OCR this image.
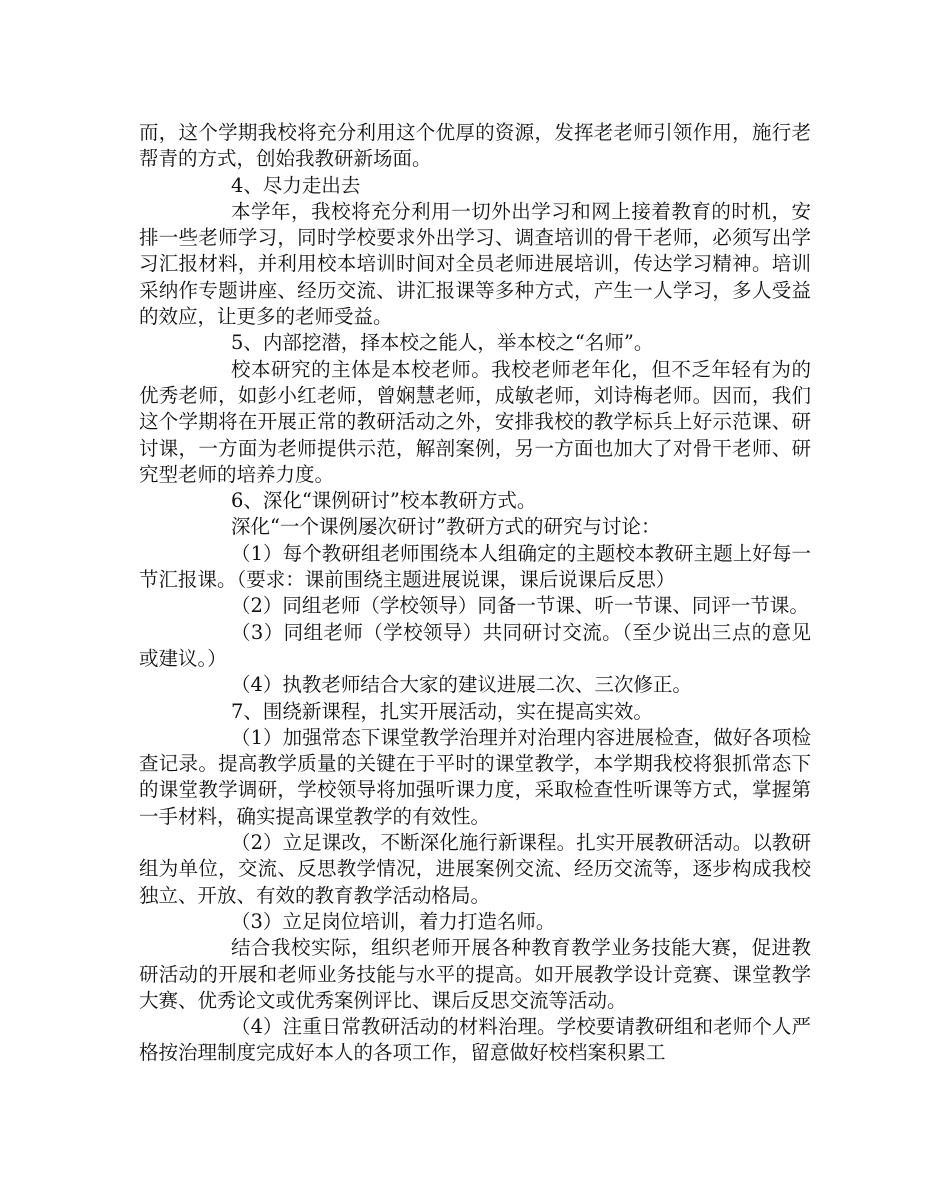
而，这个学期我校将充分利用这个优厚的资源，发挥老老师引领作用，施行老帮青的方式，创始我教研新场面。

4、尽力走出去

本学年，我校将充分利用一切外出学习和网上接着教育的时机，安排一些老师学习，同时学校要求外出学习、调查培训的骨干老师，必须写出学习汇报材料，并利用校本培训时间对全员老师进展培训，传达学习精神。培训采纳作专题讲座、经历交流、讲汇报课等多种方式，产生一人学习，多人受益的效应，让更多的老师受益。

5、内部挖潜，择本校之能人，举本校之“名师”。

校本研究的主体是本校老师。我校老师老年化，但不乏年轻有为的优秀老师，如彭小红老师，曾娴慧老师，成敏老师，刘诗梅老师。因而，我们这个学期将在开展正常的教研活动之外，安排我校的教学标兵上好示范课、研讨课，一方面为老师提供示范，解剖案例，另一方面也加大了对骨干老师、研究型老师的培养力度。

6、深化“课例研讨”校本教研方式。

深化“一个课例屡次研讨”教研方式的研究与讨论：

（1）每个教研组老师围绕本人组确定的主题校本教研主题上好每一节汇报课。（要求：课前围绕主题进展说课，课后说课后反思）

（2）同组老师（学校领导）同备一节课、听一节课、同评一节课。

（3）同组老师（学校领导）共同研讨交流。（至少说出三点的意见或建议。）

（4）执教老师结合大家的建议进展二次、三次修正。

7、围绕新课程，扎实开展活动，实在提高实效。

（1）加强常态下课堂教学治理并对治理内容进展检查，做好各项检查记录。提高教学质量的关键在于平时的课堂教学，本学期我校将狠抓常态下的课堂教学调研，学校领导将加强听课力度，采取检查性听课等方式，掌握第一手材料，确实提高课堂教学的有效性。

（2）立足课改，不断深化施行新课程。扎实开展教研活动。以教研组为单位，交流、反思教学情况，进展案例交流、经历交流等，逐步构成我校独立、开放、有效的教育教学活动格局。

（3）立足岗位培训，着力打造名师。

结合我校实际，组织老师开展各种教育教学业务技能大赛，促进教研活动的开展和老师业务技能与水平的提高。如开展教学设计竞赛、课堂教学大赛、优秀论文或优秀案例评比、课后反思交流等活动。

（4）注重日常教研活动的材料治理。学校要请教研组和老师个人严格按治理制度完成好本人的各项工作，留意做好校档案积累工
